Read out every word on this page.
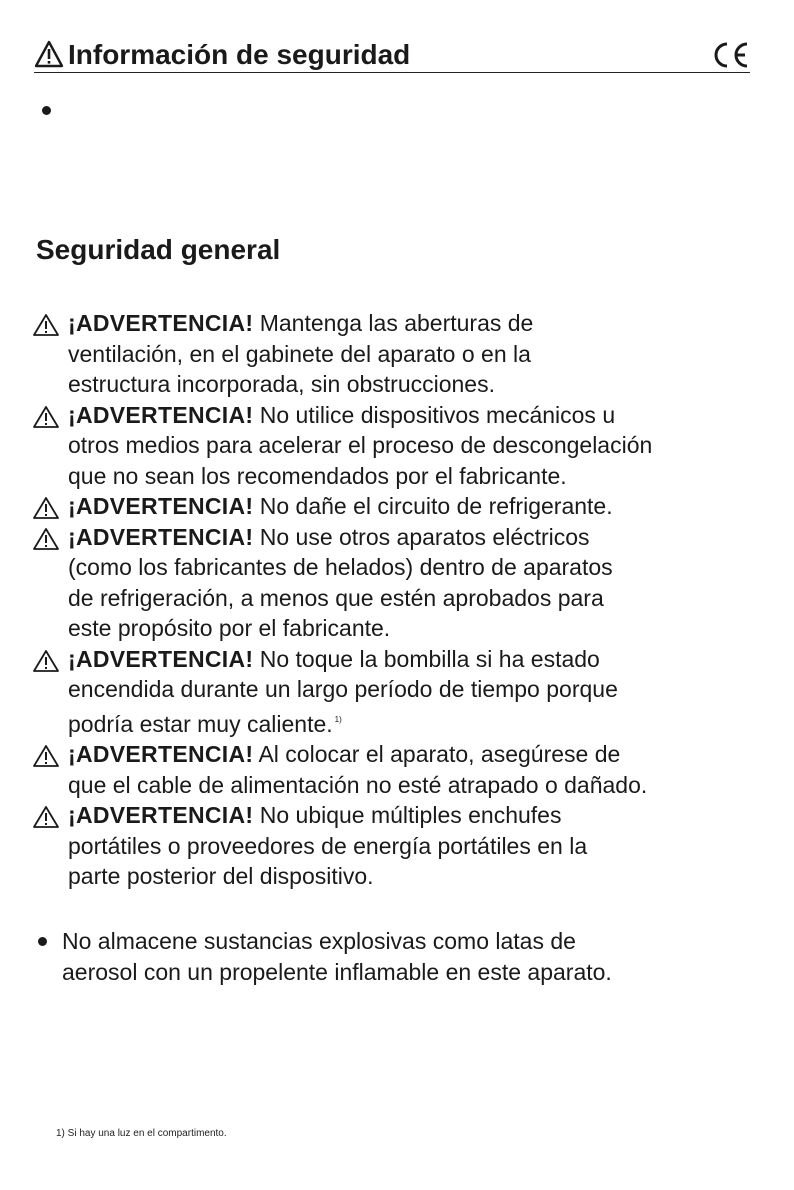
Información de seguridad
Seguridad general
¡ADVERTENCIA! Mantenga las aberturas de
ventilación, en el gabinete del aparato o en la
estructura incorporada, sin obstrucciones.
¡ADVERTENCIA! No utilice dispositivos mecánicos u
otros medios para acelerar el proceso de descongelación
que no sean los recomendados por el fabricante.
¡ADVERTENCIA! No dañe el circuito de refrigerante.
¡ADVERTENCIA! No use otros aparatos eléctricos
(como los fabricantes de helados) dentro de aparatos
de refrigeración, a menos que estén aprobados para
este propósito por el fabricante.
¡ADVERTENCIA! No toque la bombilla si ha estado
encendida durante un largo período de tiempo porque
podría estar muy caliente. $^{1)}$
¡ADVERTENCIA! Al colocar el aparato, asegúrese de
que el cable de alimentación no esté atrapado o dañado.
¡ADVERTENCIA! No ubique múltiples enchufes
portátiles o proveedores de energía portátiles en la
parte posterior del dispositivo.
No almacene sustancias explosivas como latas de
aerosol con un propelente inflamable en este aparato.
1) Si hay una luz en el compartimento.
